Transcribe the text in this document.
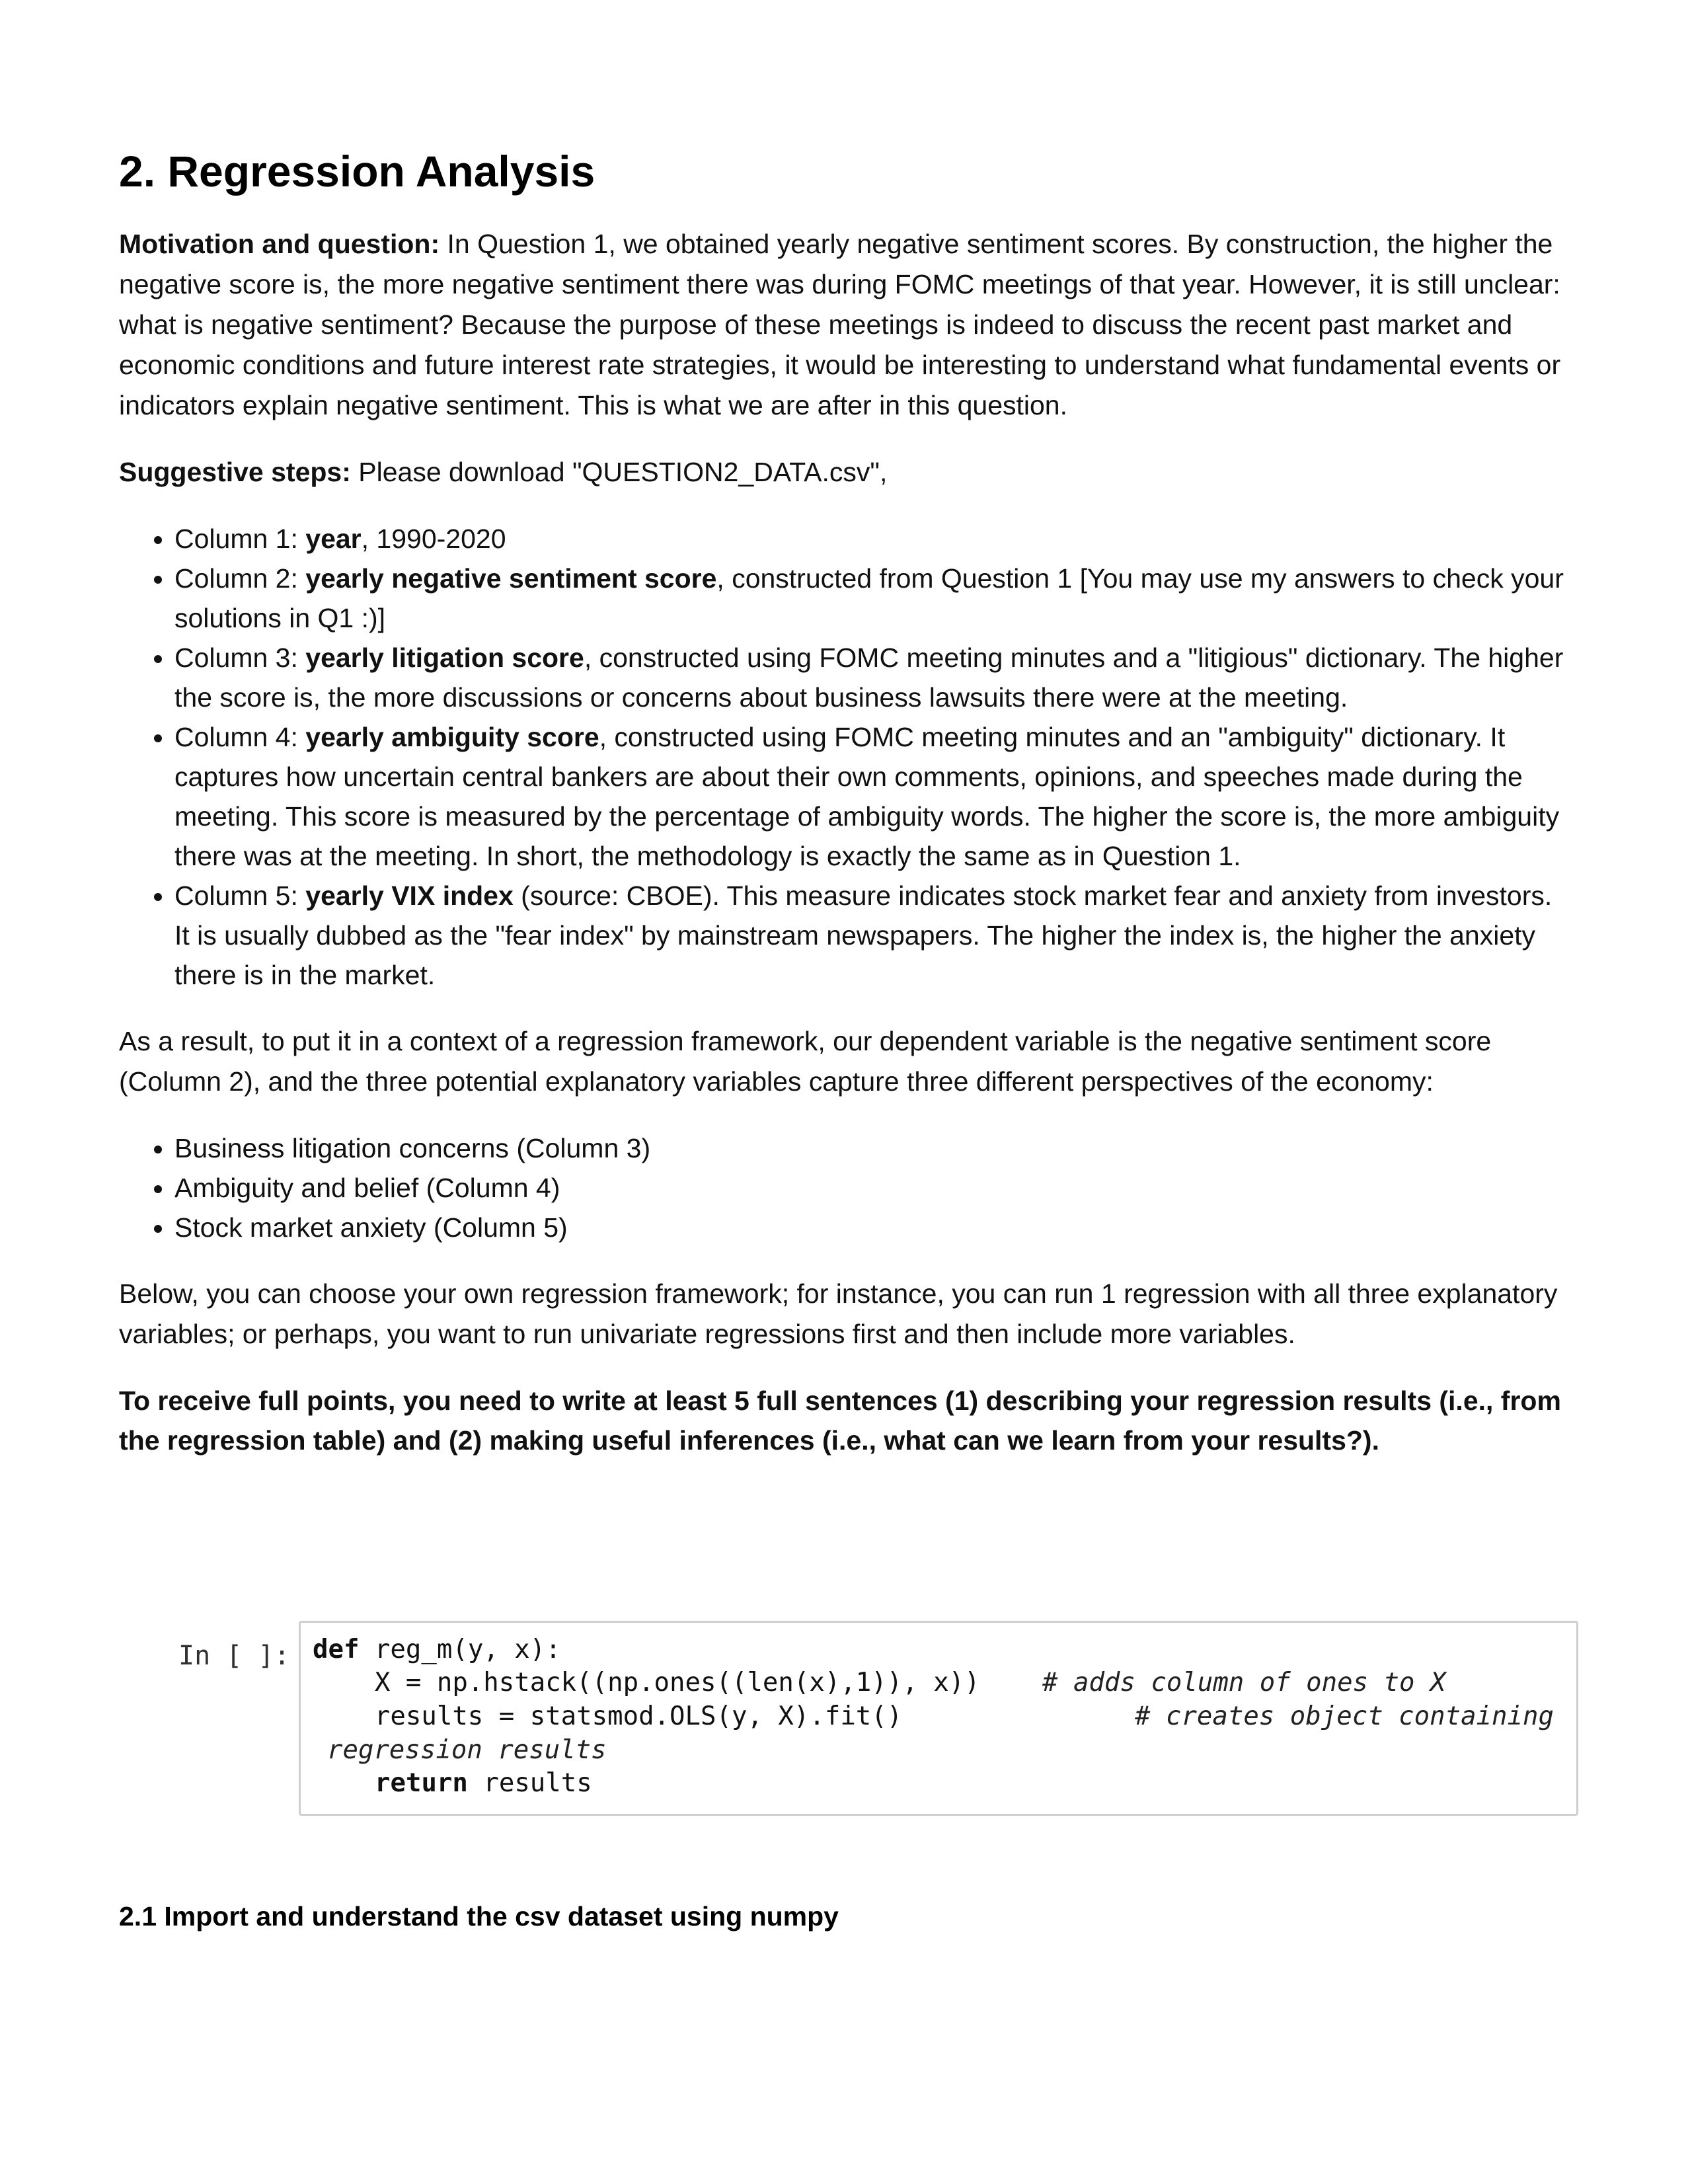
2. Regression Analysis

Motivation and question: In Question 1, we obtained yearly negative sentiment scores. By construction, the higher the negative score is, the more negative sentiment there was during FOMC meetings of that year. However, it is still unclear: what is negative sentiment? Because the purpose of these meetings is indeed to discuss the recent past market and economic conditions and future interest rate strategies, it would be interesting to understand what fundamental events or indicators explain negative sentiment. This is what we are after in this question.

Suggestive steps: Please download "QUESTION2_DATA.csv",

• Column 1: year, 1990-2020
• Column 2: yearly negative sentiment score, constructed from Question 1 [You may use my answers to check your solutions in Q1 :)]
• Column 3: yearly litigation score, constructed using FOMC meeting minutes and a "litigious" dictionary. The higher the score is, the more discussions or concerns about business lawsuits there were at the meeting.
• Column 4: yearly ambiguity score, constructed using FOMC meeting minutes and an "ambiguity" dictionary. It captures how uncertain central bankers are about their own comments, opinions, and speeches made during the meeting. This score is measured by the percentage of ambiguity words. The higher the score is, the more ambiguity there was at the meeting. In short, the methodology is exactly the same as in Question 1.
• Column 5: yearly VIX index (source: CBOE). This measure indicates stock market fear and anxiety from investors. It is usually dubbed as the "fear index" by mainstream newspapers. The higher the index is, the higher the anxiety there is in the market.

As a result, to put it in a context of a regression framework, our dependent variable is the negative sentiment score (Column 2), and the three potential explanatory variables capture three different perspectives of the economy:

• Business litigation concerns (Column 3)
• Ambiguity and belief (Column 4)
• Stock market anxiety (Column 5)

Below, you can choose your own regression framework; for instance, you can run 1 regression with all three explanatory variables; or perhaps, you want to run univariate regressions first and then include more variables.

To receive full points, you need to write at least 5 full sentences (1) describing your regression results (i.e., from the regression table) and (2) making useful inferences (i.e., what can we learn from your results?).

In [ ]: def reg_m(y, x):
X = np.hstack((np.ones((len(x),1)), x)) # adds column of ones to X
results = statsmod.OLS(y, X).fit()	# creates object containing
regression results
return results
2.1 Import and understand the csv dataset using numpy
